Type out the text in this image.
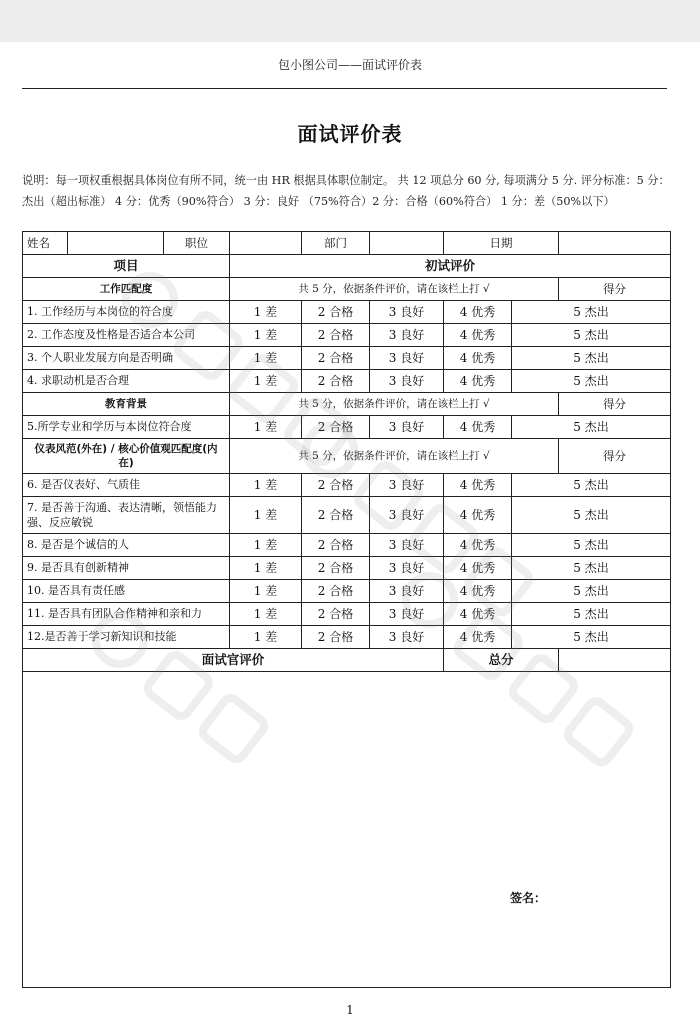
包小图公司——面试评价表
面试评价表
说明：每一项权重根据具体岗位有所不同，统一由 HR 根据具体职位制定。 共 12 项总分 60 分, 每项满分 5 分. 评分标准：5 分：杰出（超出标准） 4 分：优秀（90%符合） 3 分：良好 （75%符合）2 分：合格（60%符合） 1 分：差（50%以下）
姓名		职位		部门		日期			
项目			初试评价						
工作匹配度			共 5 分，依据条件评价，请在该栏上打 √					得分	
1. 工作经历与本岗位的符合度			1 差	2 合格	3 良好	4 优秀	5 杰出		
2. 工作态度及性格是否适合本公司			1 差	2 合格	3 良好	4 优秀	5 杰出		
3. 个人职业发展方向是否明确			1 差	2 合格	3 良好	4 优秀	5 杰出		
4. 求职动机是否合理			1 差	2 合格	3 良好	4 优秀	5 杰出		
教育背景			共 5 分，依据条件评价，请在该栏上打 √					得分	
5.所学专业和学历与本岗位符合度			1 差	2 合格	3 良好	4 优秀	5 杰出		
仪表风范(外在) / 核心价值观匹配度(内在)			共 5 分，依据条件评价，请在该栏上打 √					得分	
6. 是否仪表好、气质佳			1 差	2 合格	3 良好	4 优秀	5 杰出		
7. 是否善于沟通、表达清晰，领悟能力强、反应敏锐			1 差	2 合格	3 良好	4 优秀	5 杰出		
8. 是否是个诚信的人			1 差	2 合格	3 良好	4 优秀	5 杰出		
9. 是否具有创新精神			1 差	2 合格	3 良好	4 优秀	5 杰出		
10. 是否具有责任感			1 差	2 合格	3 良好	4 优秀	5 杰出		
11. 是否具有团队合作精神和亲和力			1 差	2 合格	3 良好	4 优秀	5 杰出		
12.是否善于学习新知识和技能			1 差	2 合格	3 良好	4 优秀	5 杰出		
面试官评价						总分			

签名：									
1
